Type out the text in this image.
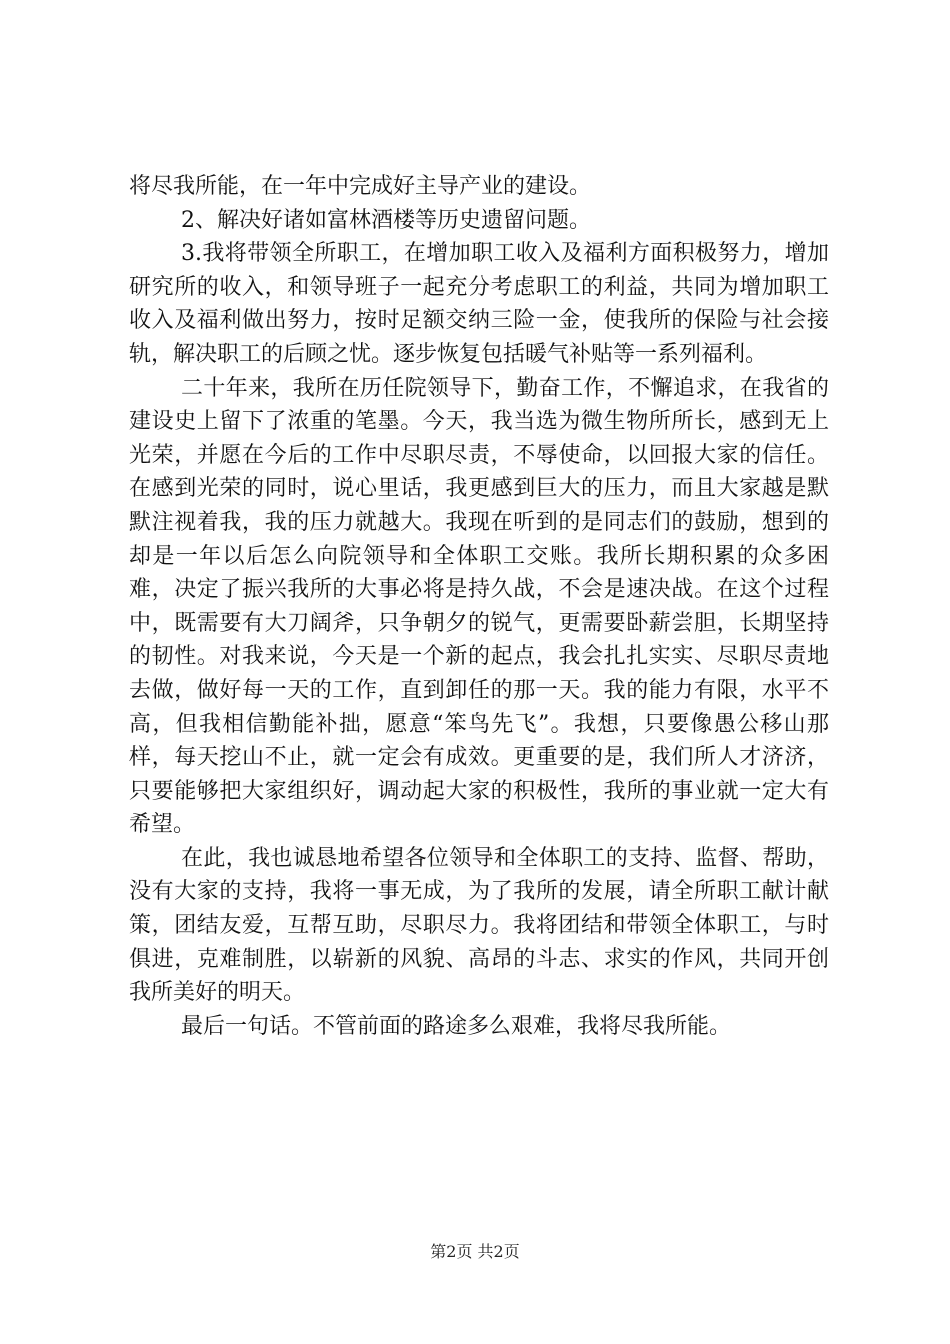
将尽我所能，在一年中完成好主导产业的建设。

2、解决好诸如富林酒楼等历史遗留问题。

3.我将带领全所职工，在增加职工收入及福利方面积极努力，增加研究所的收入，和领导班子一起充分考虑职工的利益，共同为增加职工收入及福利做出努力，按时足额交纳三险一金，使我所的保险与社会接轨，解决职工的后顾之忧。逐步恢复包括暖气补贴等一系列福利。

二十年来，我所在历任院领导下，勤奋工作，不懈追求，在我省的建设史上留下了浓重的笔墨。今天，我当选为微生物所所长，感到无上光荣，并愿在今后的工作中尽职尽责，不辱使命，以回报大家的信任。在感到光荣的同时，说心里话，我更感到巨大的压力，而且大家越是默默注视着我，我的压力就越大。我现在听到的是同志们的鼓励，想到的却是一年以后怎么向院领导和全体职工交账。我所长期积累的众多困难，决定了振兴我所的大事必将是持久战，不会是速决战。在这个过程中，既需要有大刀阔斧，只争朝夕的锐气，更需要卧薪尝胆，长期坚持的韧性。对我来说，今天是一个新的起点，我会扎扎实实、尽职尽责地去做，做好每一天的工作，直到卸任的那一天。我的能力有限，水平不高，但我相信勤能补拙，愿意“笨鸟先飞”。我想，只要像愚公移山那样，每天挖山不止，就一定会有成效。更重要的是，我们所人才济济，只要能够把大家组织好，调动起大家的积极性，我所的事业就一定大有希望。

在此，我也诚恳地希望各位领导和全体职工的支持、监督、帮助，没有大家的支持，我将一事无成，为了我所的发展，请全所职工献计献策，团结友爱，互帮互助，尽职尽力。我将团结和带领全体职工，与时俱进，克难制胜，以崭新的风貌、高昂的斗志、求实的作风，共同开创我所美好的明天。

最后一句话。不管前面的路途多么艰难，我将尽我所能。

第2页 共2页
